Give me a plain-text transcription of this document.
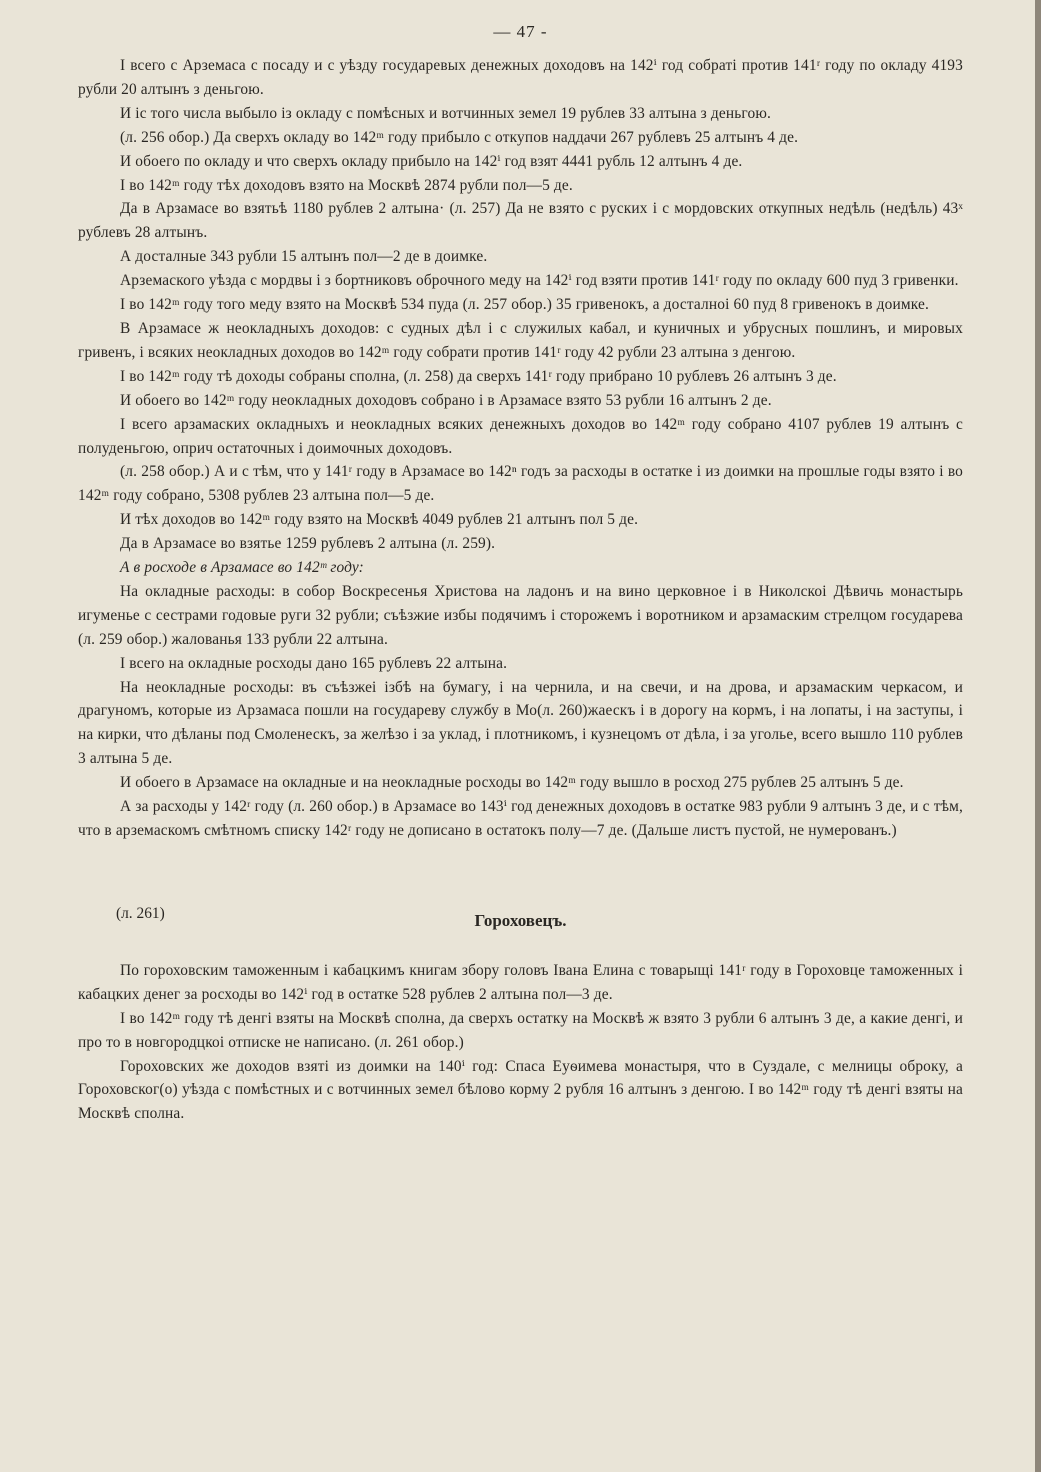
— 47 -

I всего с Арземаса с посаду и с уѣзду государевых денежных доходовъ на 142ⁱ год собраті против 141ʳ году по окладу 4193 рубли 20 алтынъ з деньгою.

И іс того числа выбыло із окладу с помѣсных и вотчинных земел 19 рублев 33 алтына з деньгою.

(л. 256 обор.) Да сверхъ окладу во 142ᵐ году прибыло с откупов наддачи 267 рублевъ 25 алтынъ 4 де.

И обоего по окладу и что сверхъ окладу прибыло на 142ⁱ год взят 4441 рубль 12 алтынъ 4 де.

I во 142ᵐ году тѣх доходовъ взято на Москвѣ 2874 рубли пол—5 де.

Да в Арзамасе во взятьѣ 1180 рублев 2 алтына· (л. 257) Да не взято с руских і с мордовских откупных недѣль (недѣль) 43ˣ рублевъ 28 алтынъ.

А досталные 343 рубли 15 алтынъ пол—2 де в доимке.

Арземаского уѣзда с мордвы і з бортниковъ оброчного меду на 142ⁱ год взяти против 141ʳ году по окладу 600 пуд 3 гривенки.

I во 142ᵐ году того меду взято на Москвѣ 534 пуда (л. 257 обор.) 35 гривенокъ, а досталноі 60 пуд 8 гривенокъ в доимке.

В Арзамасе ж неокладныхъ доходов: с судных дѣл і с служилых кабал, и куничных и убрусных пошлинъ, и мировых гривенъ, і всяких неокладных доходов во 142ᵐ году собрати против 141ʳ году 42 рубли 23 алтына з денгою.

I во 142ᵐ году тѣ доходы собраны сполна, (л. 258) да сверхъ 141ʳ году прибрано 10 рублевъ 26 алтынъ 3 де.

И обоего во 142ᵐ году неокладных доходовъ собрано і в Арзамасе взято 53 рубли 16 алтынъ 2 де.

I всего арзамаских окладныхъ и неокладных всяких денежныхъ доходов во 142ᵐ году собрано 4107 рублев 19 алтынъ с полуденьгою, оприч остаточных і доимочных доходовъ.

(л. 258 обор.) А и с тѣм, что у 141ʳ году в Арзамасе во 142ⁿ годъ за расходы в остатке і из доимки на прошлые годы взято і во 142ᵐ году собрано, 5308 рублев 23 алтына пол—5 де.

И тѣх доходов во 142ᵐ году взято на Москвѣ 4049 рублев 21 алтынъ пол 5 де.

Да в Арзамасе во взятье 1259 рублевъ 2 алтына (л. 259).

А в росходе в Арзамасе во 142ᵐ году:

На окладные расходы: в собор Воскресенья Христова на ладонъ и на вино церковное і в Николскоі Дѣвичь монастырь игуменье с сестрами годовые руги 32 рубли; съѣзжие избы подячимъ і сторожемъ і воротником и арзамаским стрелцом государева (л. 259 обор.) жалованья 133 рубли 22 алтына.

I всего на окладные росходы дано 165 рублевъ 22 алтына.

На неокладные росходы: въ съѣзжеі ізбѣ на бумагу, і на чернила, и на свечи, и на дрова, и арзамаским черкасом, и драгуномъ, которые из Арзамаса пошли на государеву службу в Мо(л. 260)жаескъ і в дорогу на кормъ, і на лопаты, і на заступы, і на кирки, что дѣланы под Смоленескъ, за желѣзо і за уклад, і плотникомъ, і кузнецомъ от дѣла, і за уголье, всего вышло 110 рублев 3 алтына 5 де.

И обоего в Арзамасе на окладные и на неокладные росходы во 142ᵐ году вышло в росход 275 рублев 25 алтынъ 5 де.

А за расходы у 142ʳ году (л. 260 обор.) в Арзамасе во 143ⁱ год денежных доходовъ в остатке 983 рубли 9 алтынъ 3 де, и с тѣм, что в арземаскомъ смѣтномъ списку 142ʳ году не дописано в остатокъ полу—7 де. (Дальше листъ пустой, не нумерованъ.)

(л. 261)	Гороховецъ.

По гороховским таможенным і кабацкимъ книгам збору головъ Івана Елина с товарыщі 141ʳ году в Гороховце таможенных і кабацких денег за росходы во 142ⁱ год в остатке 528 рублев 2 алтына пол—3 де.

I во 142ᵐ году тѣ денгі взяты на Москвѣ сполна, да сверхъ остатку на Москвѣ ж взято 3 рубли 6 алтынъ 3 де, а какие денгі, и про то в новгородцкоі отписке не написано. (л. 261 обор.)

Гороховских же доходов взяті из доимки на 140ⁱ год: Спаса Еуѳимева монастыря, что в Суздале, с мелницы оброку, а Гороховског(о) уѣзда с помѣстных и с вотчинных земел бѣлово корму 2 рубля 16 алтынъ з денгою. I во 142ᵐ году тѣ денгі взяты на Москвѣ сполна.
